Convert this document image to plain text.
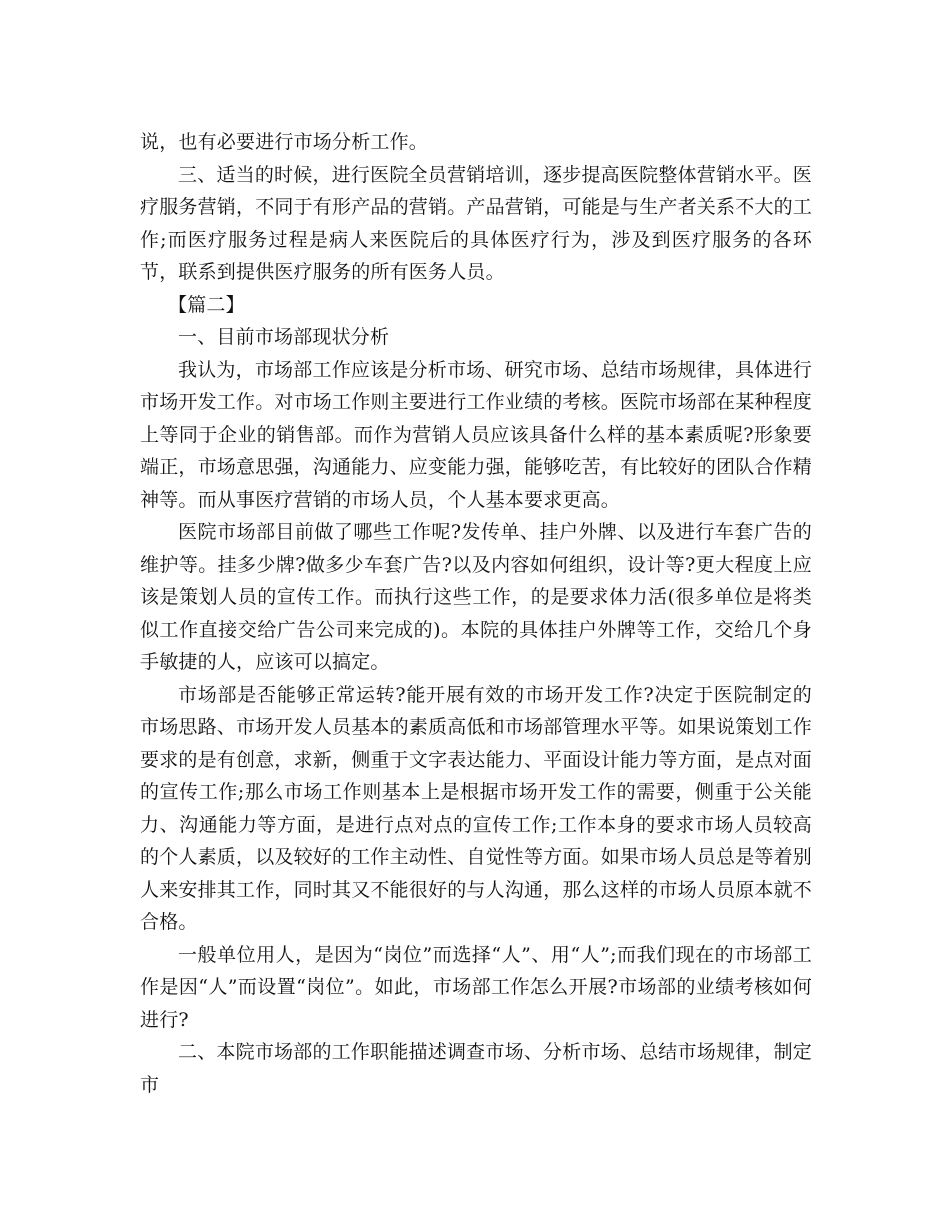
说，也有必要进行市场分析工作。

三、适当的时候，进行医院全员营销培训，逐步提高医院整体营销水平。医疗服务营销，不同于有形产品的营销。产品营销，可能是与生产者关系不大的工作;而医疗服务过程是病人来医院后的具体医疗行为，涉及到医疗服务的各环节，联系到提供医疗服务的所有医务人员。

【篇二】

一、目前市场部现状分析

我认为，市场部工作应该是分析市场、研究市场、总结市场规律，具体进行市场开发工作。对市场工作则主要进行工作业绩的考核。医院市场部在某种程度上等同于企业的销售部。而作为营销人员应该具备什么样的基本素质呢?形象要端正，市场意思强，沟通能力、应变能力强，能够吃苦，有比较好的团队合作精神等。而从事医疗营销的市场人员，个人基本要求更高。

医院市场部目前做了哪些工作呢?发传单、挂户外牌、以及进行车套广告的维护等。挂多少牌?做多少车套广告?以及内容如何组织，设计等?更大程度上应该是策划人员的宣传工作。而执行这些工作，的是要求体力活(很多单位是将类似工作直接交给广告公司来完成的)。本院的具体挂户外牌等工作，交给几个身手敏捷的人，应该可以搞定。

市场部是否能够正常运转?能开展有效的市场开发工作?决定于医院制定的市场思路、市场开发人员基本的素质高低和市场部管理水平等。如果说策划工作要求的是有创意，求新，侧重于文字表达能力、平面设计能力等方面，是点对面的宣传工作;那么市场工作则基本上是根据市场开发工作的需要，侧重于公关能力、沟通能力等方面，是进行点对点的宣传工作;工作本身的要求市场人员较高的个人素质，以及较好的工作主动性、自觉性等方面。如果市场人员总是等着别人来安排其工作，同时其又不能很好的与人沟通，那么这样的市场人员原本就不合格。

一般单位用人，是因为“岗位”而选择“人”、用“人”;而我们现在的市场部工作是因“人”而设置“岗位”。如此，市场部工作怎么开展?市场部的业绩考核如何进行?

二、本院市场部的工作职能描述调查市场、分析市场、总结市场规律，制定市
